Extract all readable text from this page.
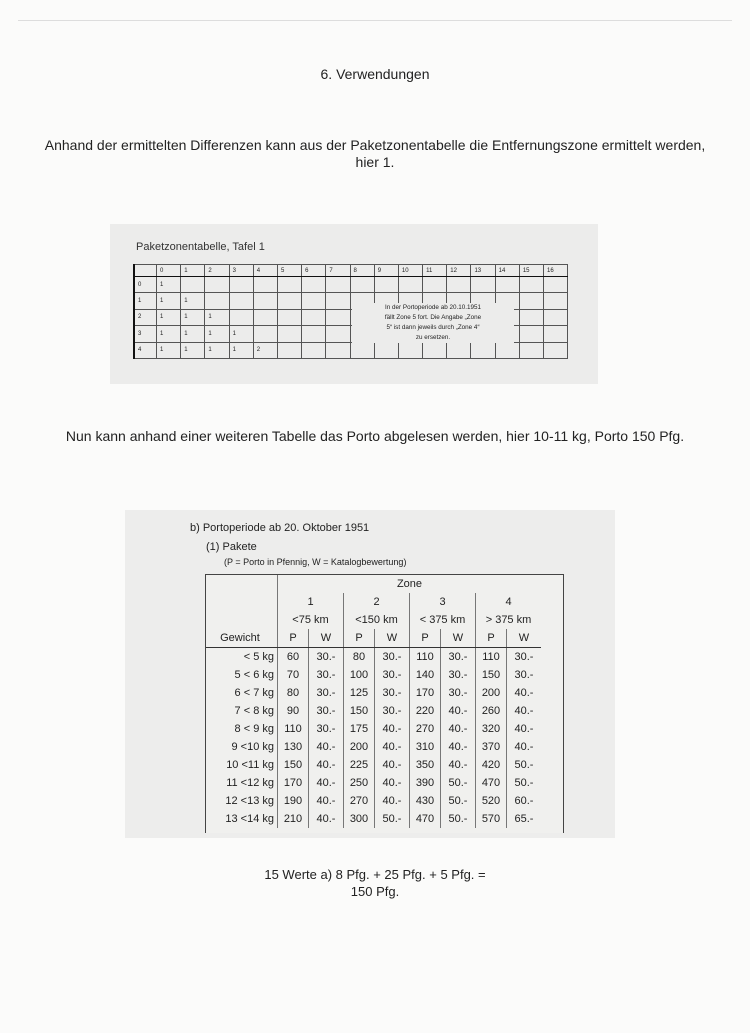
6. Verwendungen
Anhand der ermittelten Differenzen kann aus der Paketzonentabelle die Entfernungszone ermittelt werden, hier 1.
Paketzonentabelle, Tafel 1
	0	1	2	3	4	5	6	7	8	9	10	11	12	13	14	15	16
0	1																
1	1	1															
2	1	1	1														
3	1	1	1	1													
4	1	1	1	1	2												
In der Portoperiode ab 20.10.1951
fällt Zone 5 fort. Die Angabe „Zone
5“ ist dann jeweils durch „Zone 4“
zu ersetzen.
Nun kann anhand einer weiteren Tabelle das Porto abgelesen werden, hier 10-11 kg, Porto 150 Pfg.
b) Portoperiode ab 20. Oktober 1951
(1) Pakete
(P = Porto in Pfennig, W = Katalogbewertung)
	Zone							
	1		2		3		4	
	<75 km		<150 km		< 375 km		> 375 km	
Gewicht	P	W	P	W	P	W	P	W
< 5 kg	60	30.-	80	30.-	110	30.-	110	30.-
5 < 6 kg	70	30.-	100	30.-	140	30.-	150	30.-
6 < 7 kg	80	30.-	125	30.-	170	30.-	200	40.-
7 < 8 kg	90	30.-	150	30.-	220	40.-	260	40.-
8 < 9 kg	110	30.-	175	40.-	270	40.-	320	40.-
9 <10 kg	130	40.-	200	40.-	310	40.-	370	40.-
10 <11 kg	150	40.-	225	40.-	350	40.-	420	50.-
11 <12 kg	170	40.-	250	40.-	390	50.-	470	50.-
12 <13 kg	190	40.-	270	40.-	430	50.-	520	60.-
13 <14 kg	210	40.-	300	50.-	470	50.-	570	65.-
15 Werte a) 8 Pfg. + 25 Pfg. + 5 Pfg. =
150 Pfg.
